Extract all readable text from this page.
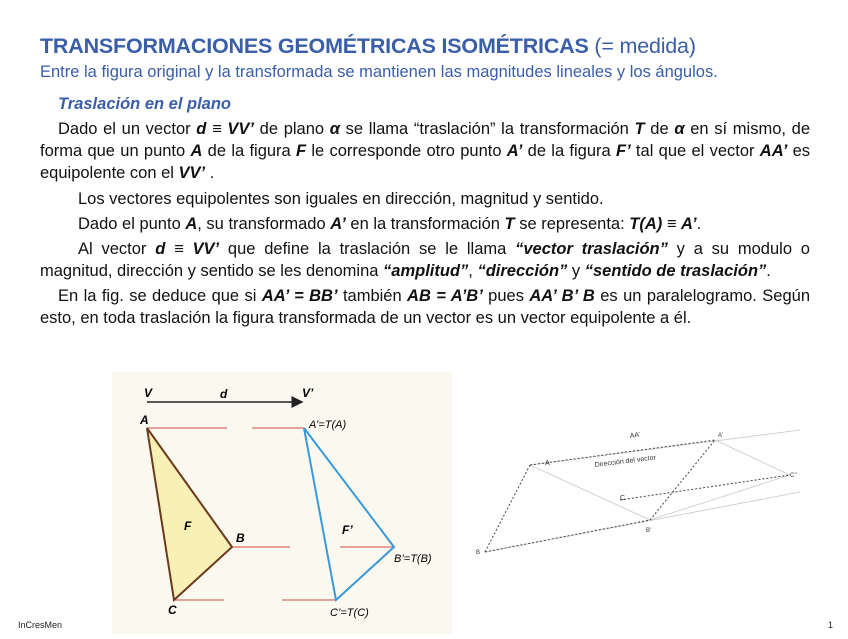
TRANSFORMACIONES GEOMÉTRICAS ISOMÉTRICAS (= medida)

Entre la figura original y la transformada se mantienen las magnitudes lineales y los ángulos.

Traslación en el plano

Dado el un vector d ≡ VV’ de plano α se llama “traslación” la transformación T de α en sí mismo, de forma que un punto A de la figura F le corresponde otro punto A’ de la figura F’ tal que el vector AA’ es equipolente con el VV’ .

Los vectores equipolentes son iguales en dirección, magnitud y sentido.

Dado el punto A, su transformado A’ en la transformación T se representa: T(A) ≡ A’.

Al vector d ≡ VV’ que define la traslación se le llama “vector traslación” y a su modulo o magnitud, dirección y sentido se les denomina “amplitud”, “dirección” y “sentido de traslación”.

En la fig. se deduce que si AA’ = BB’ también AB = A’B’ pues AA’ B’ B es un paralelogramo. Según esto, en toda traslación la figura transformada de un vector es un vector equipolente a él.

V	d	V’
A	A’=T(A)
B
B’=T(B)
C	C’=T(C)
F	F’
AA’
Dirección del vector
A
A’
B
B’
C
C’’
InCresMen	1
